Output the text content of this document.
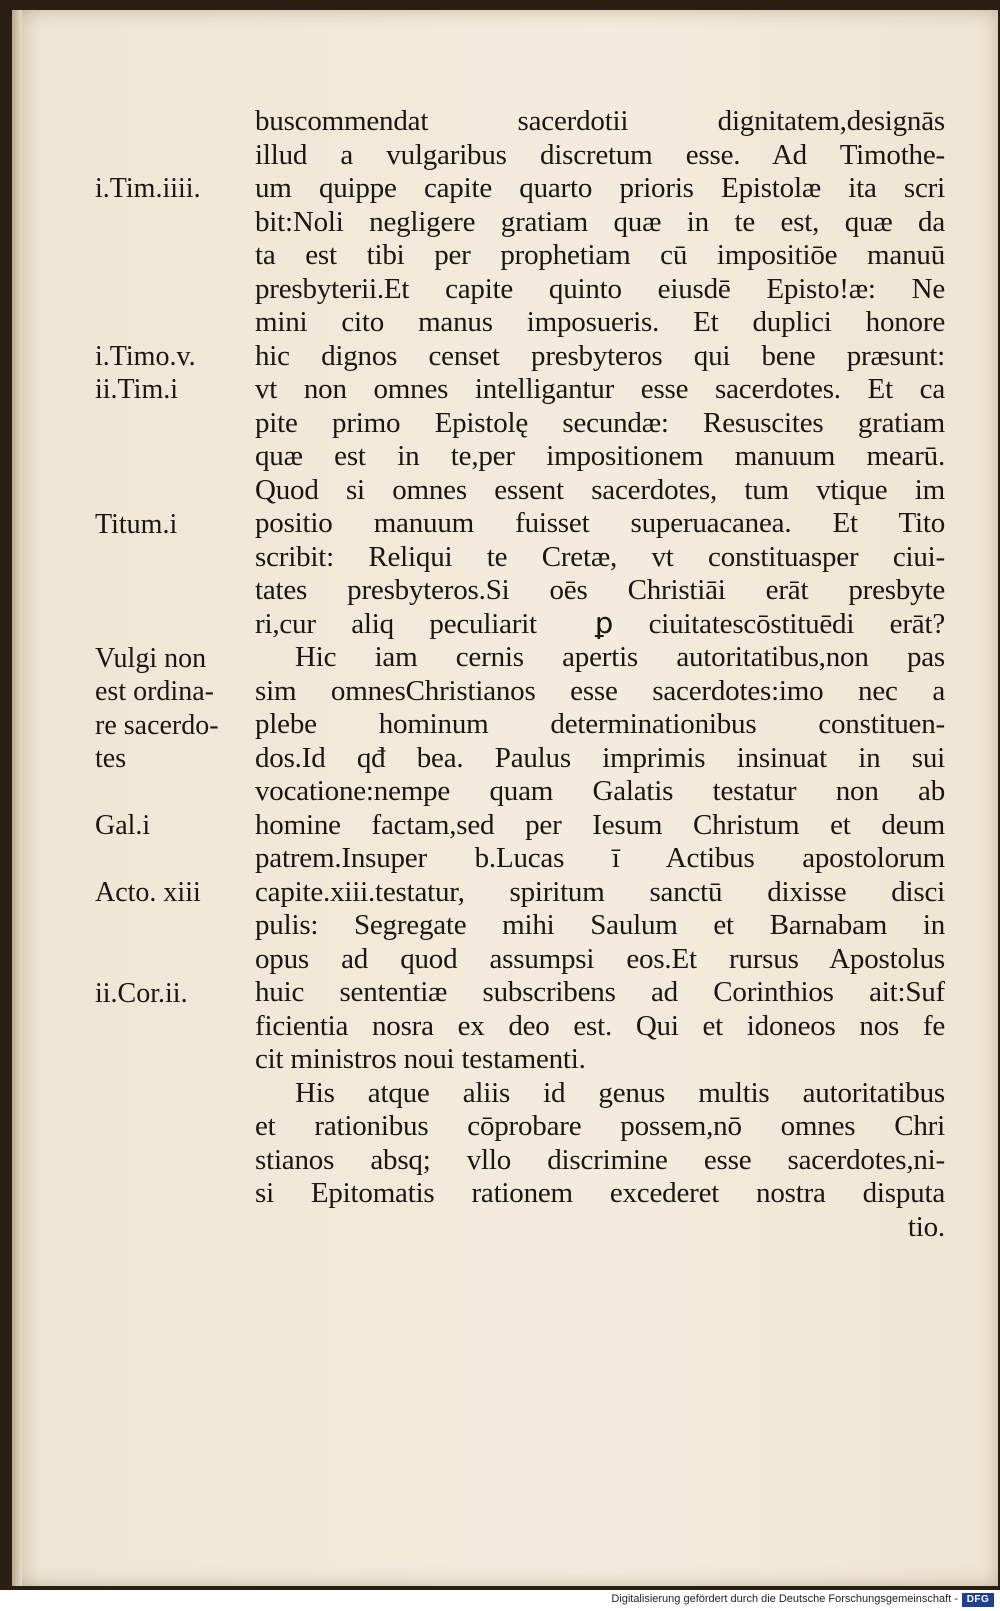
i.Tim.iiii.
i.Timo.v.
ii.Tim.i
Titum.i
Vulgi non
est ordina-
re sacerdo-
tes
Gal.i
Acto. xiii
ii.Cor.ii.
buscommendat sacerdotii dignitatem,designās
illud a vulgaribus discretum esse. Ad Timothe-
um quippe capite quarto prioris Epistolæ ita scri
bit:Noli negligere gratiam quæ in te est, quæ da
ta est tibi per prophetiam cū impositiōe manuū
presbyterii.Et capite quinto eiusdē Episto!æ: Ne
mini cito manus imposueris. Et duplici honore
hic dignos censet presbyteros qui bene præsunt:
vt non omnes intelligantur esse sacerdotes. Et ca
pite primo Epistolę secundæ: Resuscites gratiam
quæ est in te,per impositionem manuum mearū.
Quod si omnes essent sacerdotes, tum vtique im
positio manuum fuisset superuacanea. Et Tito
scribit: Reliqui te Cretæ, vt constituasper ciui-
tates presbyteros.Si oēs Christiāi erāt presbyte
ri,cur aliq peculiarit᷑ ꝑ ciuitatescōstituēdi erāt?
Hic iam cernis apertis autoritatibus,non pas
sim omnesChristianos esse sacerdotes:imo nec a
plebe hominum determinationibus constituen-
dos.Id qđ bea. Paulus imprimis insinuat in sui
vocatione:nempe quam Galatis testatur non ab
homine factam,sed per Iesum Christum et deum
patrem.Insuper b.Lucas ī Actibus apostolorum
capite.xiii.testatur, spiritum sanctū dixisse disci
pulis: Segregate mihi Saulum et Barnabam in
opus ad quod assumpsi eos.Et rursus Apostolus
huic sententiæ subscribens ad Corinthios ait:Suf
ficientia nosra ex deo est. Qui et idoneos nos fe
cit ministros noui testamenti.
His atque aliis id genus multis autoritatibus
et rationibus cōprobare possem,nō omnes Chri
stianos absq; vllo discrimine esse sacerdotes,ni-
si Epitomatis rationem excederet nostra disputa
tio.
Digitalisierung gefördert durch die Deutsche Forschungsgemeinschaft - DFG
